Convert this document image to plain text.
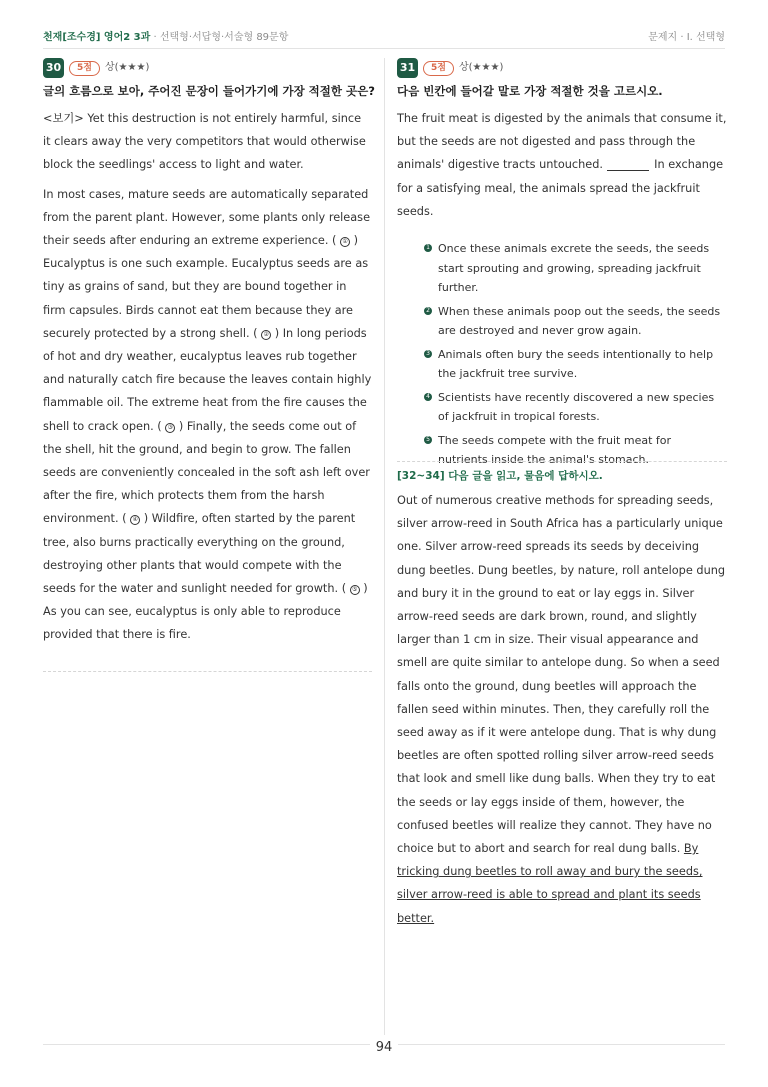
천재[조수경] 영어2 3과 · 선택형·서답형·서술형 89문항	문제지 · I. 선택형
30	5점	상(★★★)
글의 흐름으로 보아, 주어진 문장이 들어가기에 가장 적절한 곳은?

<보기> Yet this destruction is not entirely harmful, since it clears away the very competitors that would otherwise block the seedlings' access to light and water.

In most cases, mature seeds are automatically separated from the parent plant. However, some plants only release their seeds after enduring an extreme experience. ( ① ) Eucalyptus is one such example. Eucalyptus seeds are as tiny as grains of sand, but they are bound together in firm capsules. Birds cannot eat them because they are securely protected by a strong shell. ( ② ) In long periods of hot and dry weather, eucalyptus leaves rub together and naturally catch fire because the leaves contain highly flammable oil. The extreme heat from the fire causes the shell to crack open. ( ③ ) Finally, the seeds come out of the shell, hit the ground, and begin to grow. The fallen seeds are conveniently concealed in the soft ash left over after the fire, which protects them from the harsh environment. ( ④ ) Wildfire, often started by the parent tree, also burns practically everything on the ground, destroying other plants that would compete with the seeds for the water and sunlight needed for growth. ( ⑤ ) As you can see, eucalyptus is only able to reproduce provided that there is fire.

31	5점	상(★★★)
다음 빈칸에 들어갈 말로 가장 적절한 것을 고르시오.

The fruit meat is digested by the animals that consume it, but the seeds are not digested and pass through the animals' digestive tracts untouched.	In exchange for a satisfying meal, the animals spread the jackfruit seeds.

1 Once these animals excrete the seeds, the seeds start sprouting and growing, spreading jackfruit further.
2 When these animals poop out the seeds, the seeds are destroyed and never grow again.
3 Animals often bury the seeds intentionally to help the jackfruit tree survive.
4 Scientists have recently discovered a new species of jackfruit in tropical forests.
5 The seeds compete with the fruit meat for nutrients inside the animal's stomach.
[32~34] 다음 글을 읽고, 물음에 답하시오.

Out of numerous creative methods for spreading seeds, silver arrow-reed in South Africa has a particularly unique one. Silver arrow-reed spreads its seeds by deceiving dung beetles. Dung beetles, by nature, roll antelope dung and bury it in the ground to eat or lay eggs in. Silver arrow-reed seeds are dark brown, round, and slightly larger than 1 cm in size. Their visual appearance and smell are quite similar to antelope dung. So when a seed falls onto the ground, dung beetles will approach the fallen seed within minutes. Then, they carefully roll the seed away as if it were antelope dung. That is why dung beetles are often spotted rolling silver arrow-reed seeds that look and smell like dung balls. When they try to eat the seeds or lay eggs inside of them, however, the confused beetles will realize they cannot. They have no choice but to abort and search for real dung balls. By tricking dung beetles to roll away and bury the seeds, silver arrow-reed is able to spread and plant its seeds better.

94
